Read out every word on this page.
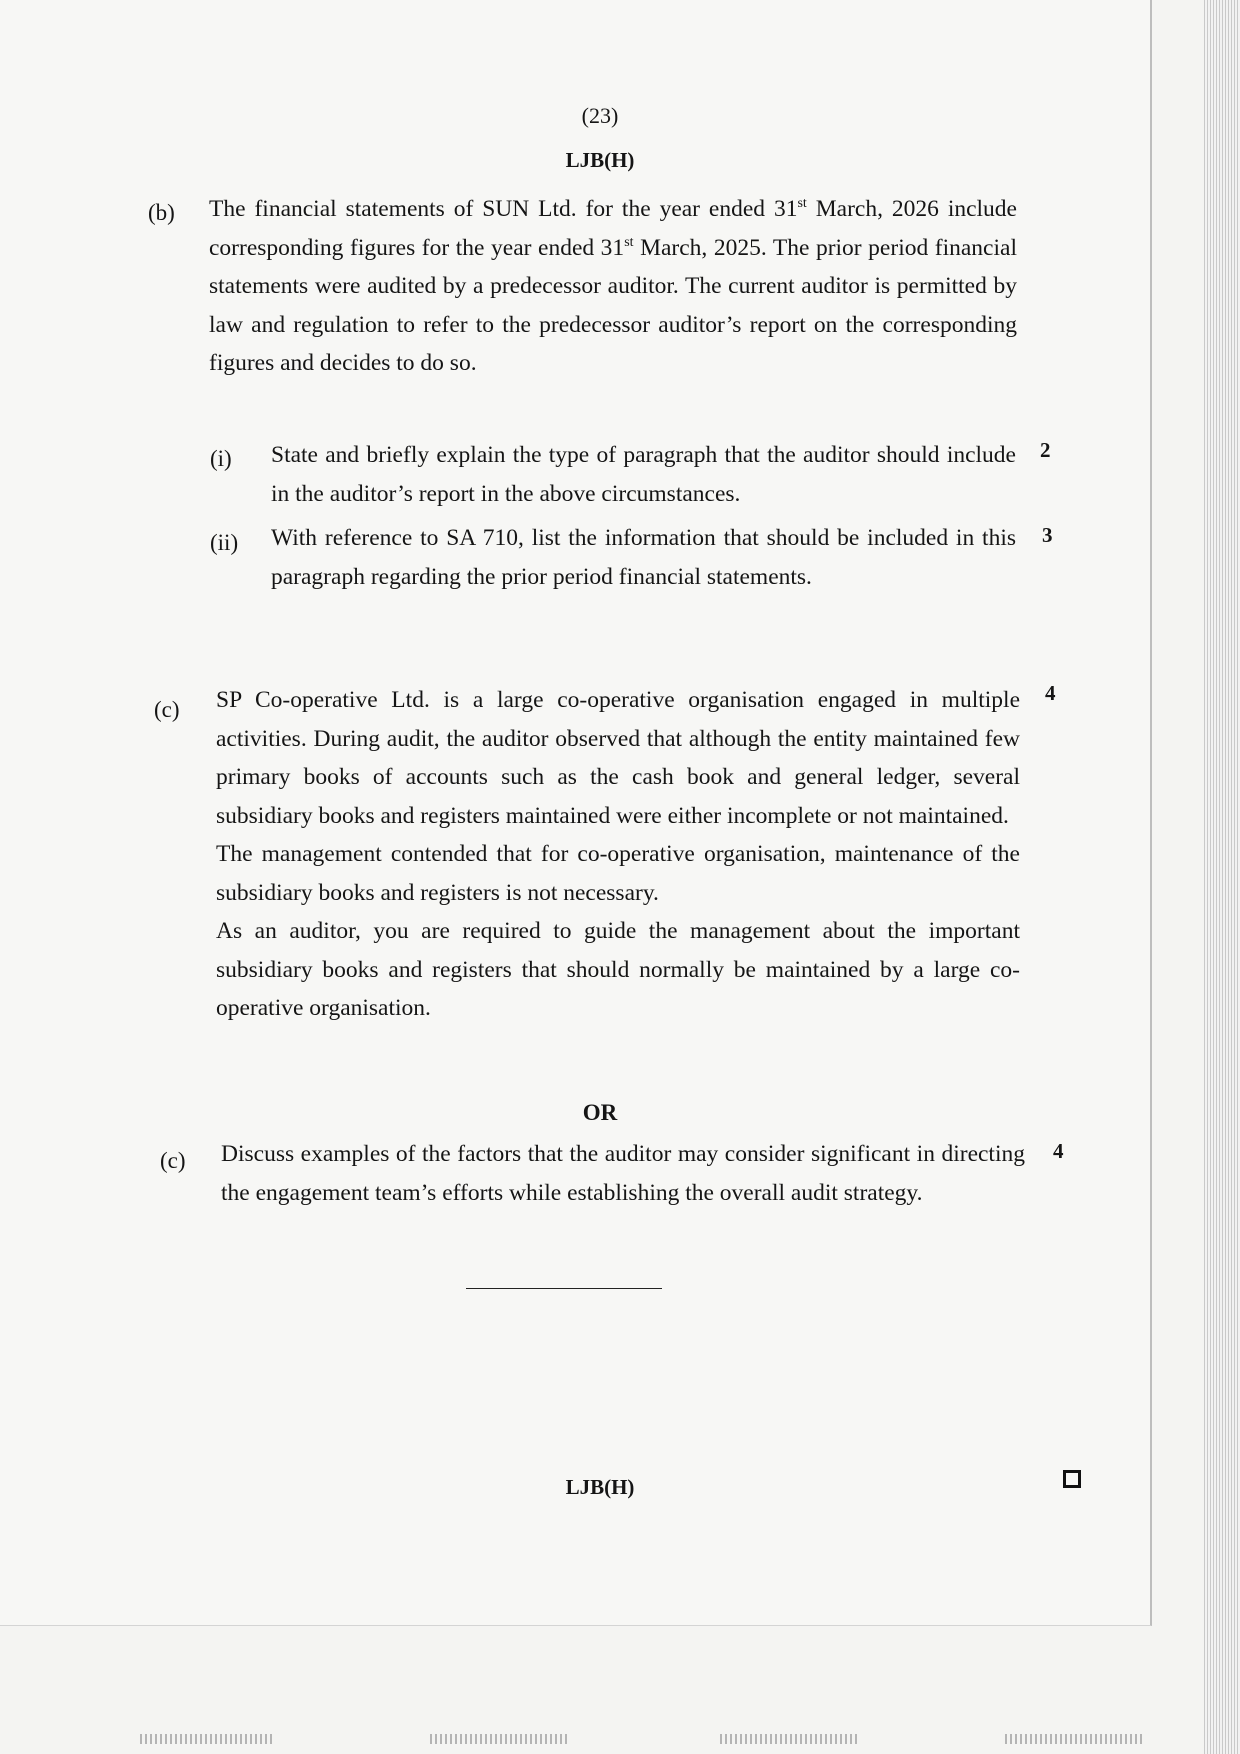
(23)
LJB(H)
(b) The financial statements of SUN Ltd. for the year ended 31st March, 2026 include corresponding figures for the year ended 31st March, 2025. The prior period financial statements were audited by a predecessor auditor. The current auditor is permitted by law and regulation to refer to the predecessor auditor’s report on the corresponding figures and decides to do so.
(i) State and briefly explain the type of paragraph that the auditor should include in the auditor’s report in the above circumstances.
2
(ii) With reference to SA 710, list the information that should be included in this paragraph regarding the prior period financial statements.
3
(c) SP Co-operative Ltd. is a large co-operative organisation engaged in multiple activities. During audit, the auditor observed that although the entity maintained few primary books of accounts such as the cash book and general ledger, several subsidiary books and registers maintained were either incomplete or not maintained.

The management contended that for co-operative organisation, maintenance of the subsidiary books and registers is not necessary.

As an auditor, you are required to guide the management about the important subsidiary books and registers that should normally be maintained by a large co-operative organisation.

4
OR
(c) Discuss examples of the factors that the auditor may consider significant in directing the engagement team’s efforts while establishing the overall audit strategy.
4
LJB(H)
